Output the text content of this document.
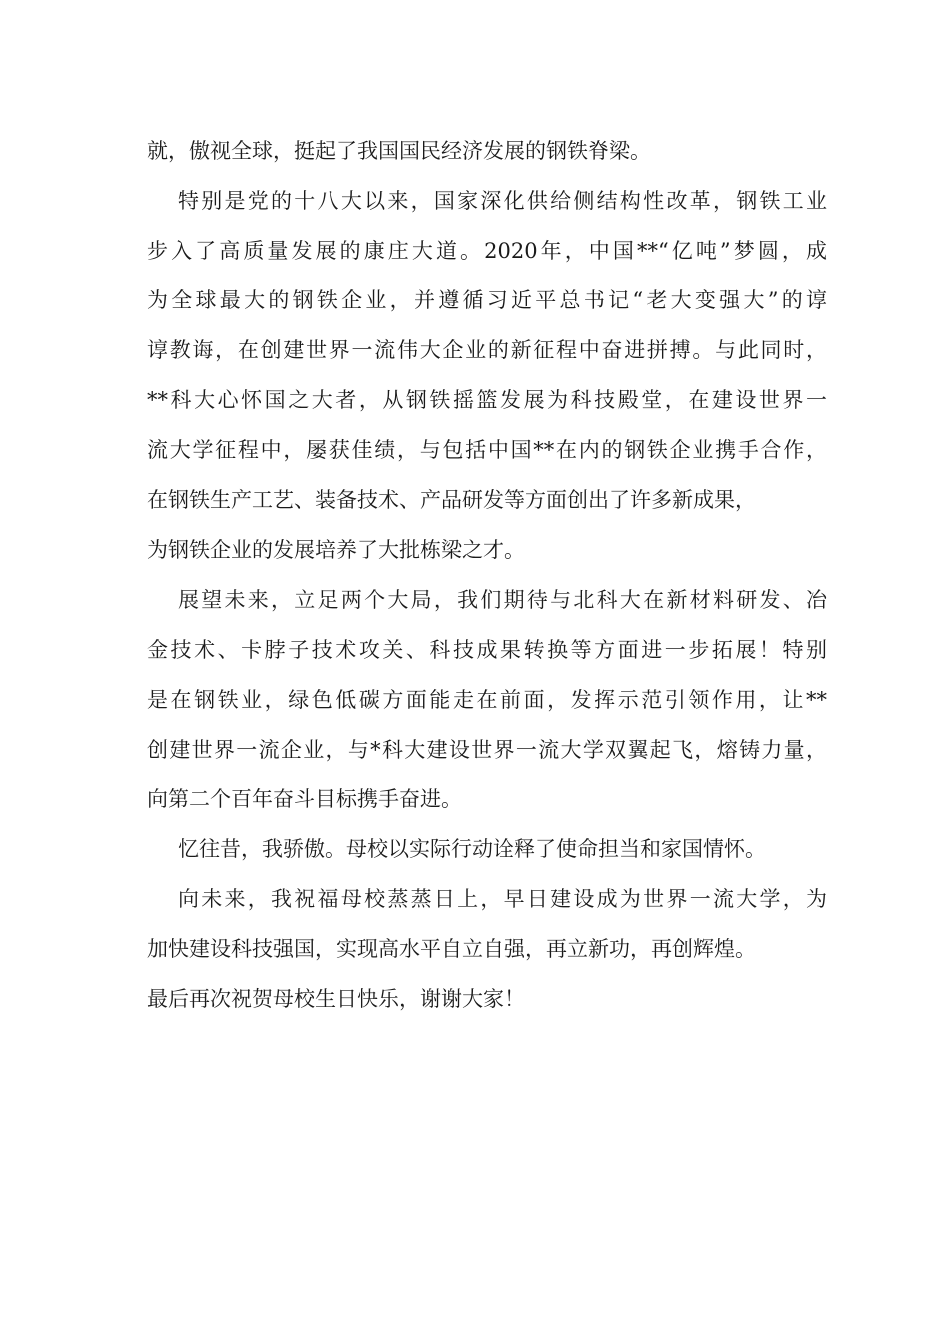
就，傲视全球，挺起了我国国民经济发展的钢铁脊梁。
特别是党的十八大以来，国家深化供给侧结构性改革，钢铁工业
步入了高质量发展的康庄大道。2020年，中国**“亿吨”梦圆，成
为全球最大的钢铁企业，并遵循习近平总书记“老大变强大”的谆
谆教诲，在创建世界一流伟大企业的新征程中奋进拼搏。与此同时，
**科大心怀国之大者，从钢铁摇篮发展为科技殿堂，在建设世界一
流大学征程中，屡获佳绩，与包括中国**在内的钢铁企业携手合作，
在钢铁生产工艺、装备技术、产品研发等方面创出了许多新成果，
为钢铁企业的发展培养了大批栋梁之才。
展望未来，立足两个大局，我们期待与北科大在新材料研发、冶
金技术、卡脖子技术攻关、科技成果转换等方面进一步拓展！特别
是在钢铁业，绿色低碳方面能走在前面，发挥示范引领作用，让**
创建世界一流企业，与*科大建设世界一流大学双翼起飞，熔铸力量，
向第二个百年奋斗目标携手奋进。
忆往昔，我骄傲。母校以实际行动诠释了使命担当和家国情怀。
向未来，我祝福母校蒸蒸日上，早日建设成为世界一流大学，为
加快建设科技强国，实现高水平自立自强，再立新功，再创辉煌。
最后再次祝贺母校生日快乐，谢谢大家！
